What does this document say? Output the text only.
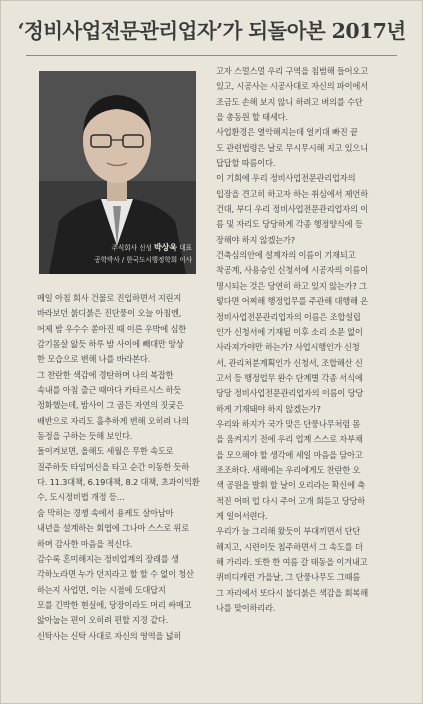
‘정비사업전문관리업자’가 되돌아본 2017년
주식회사 신성 박상욱 대표
공학박사 / 한국도시행정학회 이사

매일 아침 회사 건물로 진입하면서 지린지

바라보던 붉디붉은 진단풍이 오늘 아침엔,

어제 밤 우수수 쏟아진 때 이른 우박에 심한

감기몸살 앓듯 하루 밤 사이에 빼대만 앙상

한 모습으로 변해 나를 바라본다.

그 찬란한 색감에 경탄하며 나의 복잡한

속내를 아침 출근 때마다 카타르시스 하듯

정화했는데, 밤사이 그 곱든 자연의 짓궂은

배반으로 자리도 흘추하게 변해 오히려 나의

동정을 구하는 듯해 보인다.

돌이켜보면, 올해도 세월은 무한 속도로

질주하듯 타임머신을 타고 순간 이동한 듯하

다. 11.3대책, 6.19대책, 8.2 대책, 초과이익환

수, 도시정비법 개정 등…

숨 막히는 경쟁 속에서 용케도 살아남아

내년을 설계하는 회엽에 그나마 스스로 위로

하며 감사한 마음을 적신다.

감수록 혼미해지는 정비업계의 장래를 생

각하노라면 누가 던지라고 할 할 수 없이 청산

하는지 사업면, 이는 시점에 도대답지

모를 긴박한 현실에, 당장이라도 머리 싸매고

앓아눕는 편이 오히려 편할 지경 같다.

신탁사는 신탁 사대로 자신의 영역을 넓히

고자 스멀스멀 우리 구역을 침범해 들어오고

있고, 시공사는 시공사대로 자신의 파이에서

조금도 손해 보지 않니 하려고 벼의를 수단

을 총동원 할 태세다.

사업환경은 열악해지는데 얼키대 빠진 끝

도 관련법령은 날로 무시무시해 지고 있으니

답답할 따름이다.

이 기회에 우리 정비사업전문관리업자의

입장을 견고히 하고자 하는 취심에서 제언하

건대, 부디 우리 정비사업전문관리업자의 이

름 및 자리도 당당하게 각종 행정양식에 등

장해야 하지 않겠는가?

건축심의안에 설계자의 이름이 기재되고

착공계, 사용승인 신청서에 시공자의 이름이

명시되는 것은 당연히 하고 있지 않는가? 그

렇다면 어찌해 행정업무를 주관해 대행해 온

정비사업전문관리업자의 이름은 조합설립

인가 신청서에 기재될 이후 소리 소문 없이

사라져가야만 하는가? 사업시행인가 신청

서, 관리처분계획인가 신청서, 조합해산 신

고서 등 행정업무 완수 단계별 각종 서식에

당당 정비사업전문관리업자의 이름이 당당

하게 기재돼야 하지 않겠는가?

우리와 하지가 국가 맞은 단풍나무처럼 몸

을 움켜지기 전에 우리 업계 스스로 자부채

을 모으해야 할 생각에 세일 마음을 담아고

조조하다. 새해에는 우리에게도 찬란한 오

색 공원을 발휘 할 날이 오리라는 확신에 축

적진 어떠 업 다시 주어 고개 희듣고 당당하

게 일어서련다.

우리가 늘 그리해 왔듯이 부대끼면서 단단

해지고, 시련이듯 침주하면서 그 속도를 더

해 가리라. 또한 한 여름 갈 태동을 이겨내고

퀴비디캐런 가을날, 그 단풍나무도 그때름

그 자리에서 또다시 불디붉은 색감을 회복해

나를 맞이하리라.
